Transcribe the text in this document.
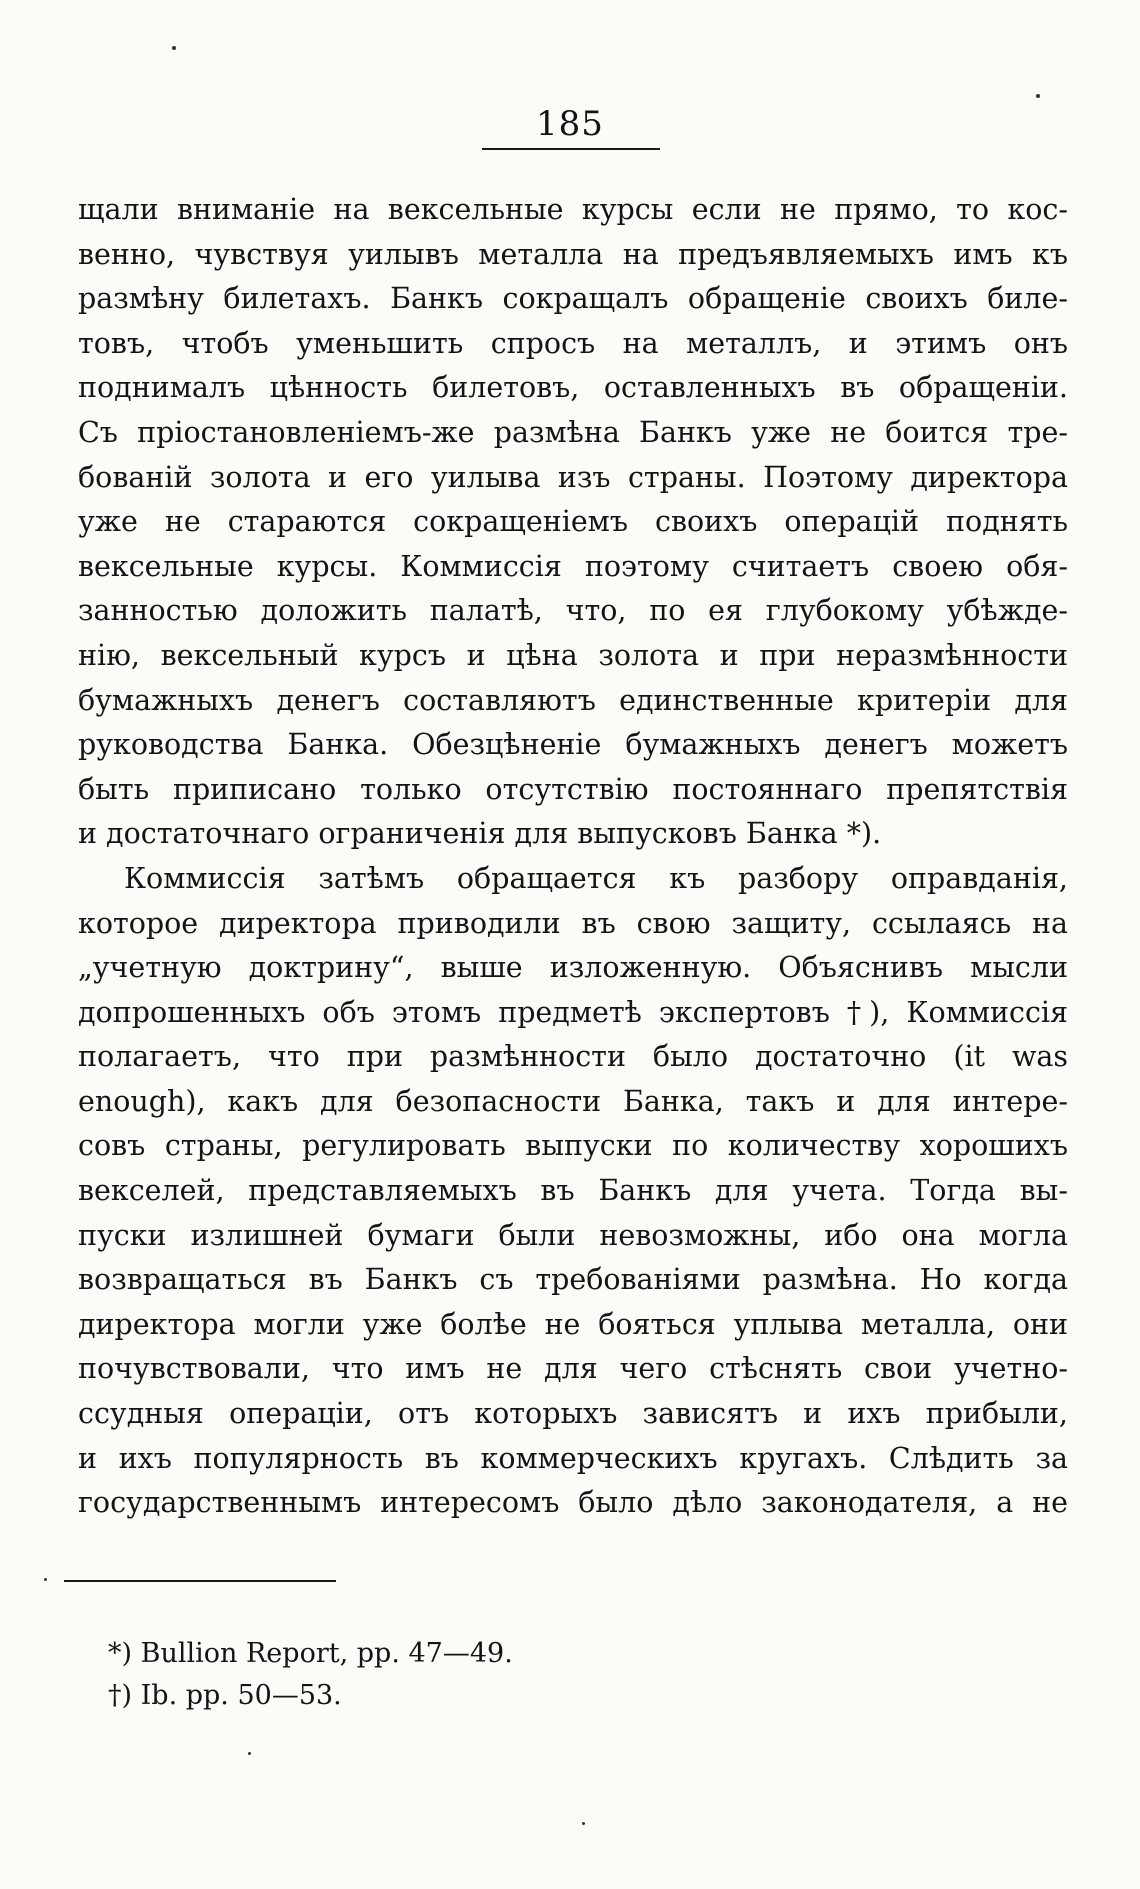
185
щали вниманіе на вексельные курсы если не прямо, то кос-
венно, чувствуя уилывъ металла на предъявляемыхъ имъ къ
размѣну билетахъ. Банкъ сокращалъ обращеніе своихъ биле-
товъ, чтобъ уменьшить спросъ на металлъ, и этимъ онъ
поднималъ цѣнность билетовъ, оставленныхъ въ обращеніи.
Съ пріостановленіемъ-же размѣна Банкъ уже не боится тре-
бованій золота и его уилыва изъ страны. Поэтому директора
уже не стараются сокращеніемъ своихъ операцій поднять
вексельные курсы. Коммиссія поэтому считаетъ своею обя-
занностью доложить палатѣ, что, по ея глубокому убѣжде-
нію, вексельный курсъ и цѣна золота и при неразмѣнности
бумажныхъ денегъ составляютъ единственные критеріи для
руководства Банка. Обезцѣненіе бумажныхъ денегъ можетъ
быть приписано только отсутствію постояннаго препятствія
и достаточнаго ограниченія для выпусковъ Банка *).
Коммиссія затѣмъ обращается къ разбору оправданія,
которое директора приводили въ свою защиту, ссылаясь на
„учетную доктрину“, выше изложенную. Объяснивъ мысли
допрошенныхъ объ этомъ предметѣ экспертовъ †), Коммиссія
полагаетъ, что при размѣнности было достаточно (it was
enough), какъ для безопасности Банка, такъ и для интере-
совъ страны, регулировать выпуски по количеству хорошихъ
векселей, представляемыхъ въ Банкъ для учета. Тогда вы-
пуски излишней бумаги были невозможны, ибо она могла
возвращаться въ Банкъ съ требованіями размѣна. Но когда
директора могли уже болѣе не бояться уплыва металла, они
почувствовали, что имъ не для чего стѣснять свои учетно-
ссудныя операціи, отъ которыхъ зависятъ и ихъ прибыли,
и ихъ популярность въ коммерческихъ кругахъ. Слѣдить за
государственнымъ интересомъ было дѣло законодателя, а не
*) Bullion Report, pp. 47—49.
†) Ib. pp. 50—53.
